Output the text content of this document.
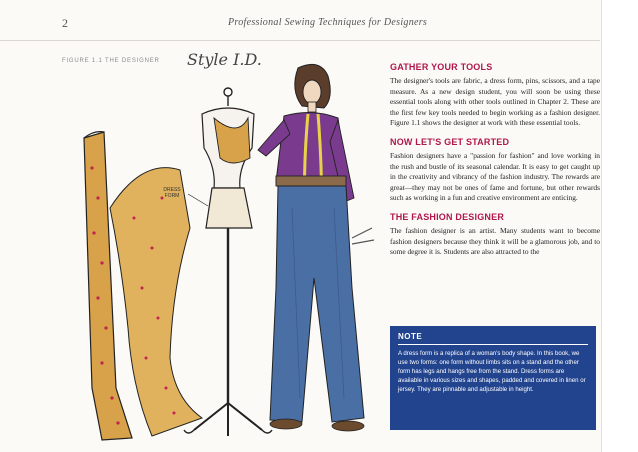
2	Professional Sewing Techniques for Designers
FIGURE 1.1 THE DESIGNER Style I.D.
DRESS
FORM
GATHER YOUR TOOLS

The designer's tools are fabric, a dress form, pins, scissors, and a tape measure. As a new design student, you will soon be using these essential tools along with other tools outlined in Chapter 2. These are the first few key tools needed to begin working as a fashion designer. Figure 1.1 shows the designer at work with these essential tools.

NOW LET'S GET STARTED

Fashion designers have a "passion for fashion" and love working in the rush and bustle of its seasonal calendar. It is easy to get caught up in the creativity and vibrancy of the fashion industry. The rewards are great—they may not be ones of fame and fortune, but other rewards such as working in a fun and creative environment are enticing.

THE FASHION DESIGNER

The fashion designer is an artist. Many students want to become fashion designers because they think it will be a glamorous job, and to some degree it is. Students are also attracted to the

NOTE
A dress form is a replica of a woman's body shape. In this book, we use two forms: one form without limbs sits on a stand and the other form has legs and hangs free from the stand. Dress forms are available in various sizes and shapes, padded and covered in linen or jersey. They are pinnable and adjustable in height.
